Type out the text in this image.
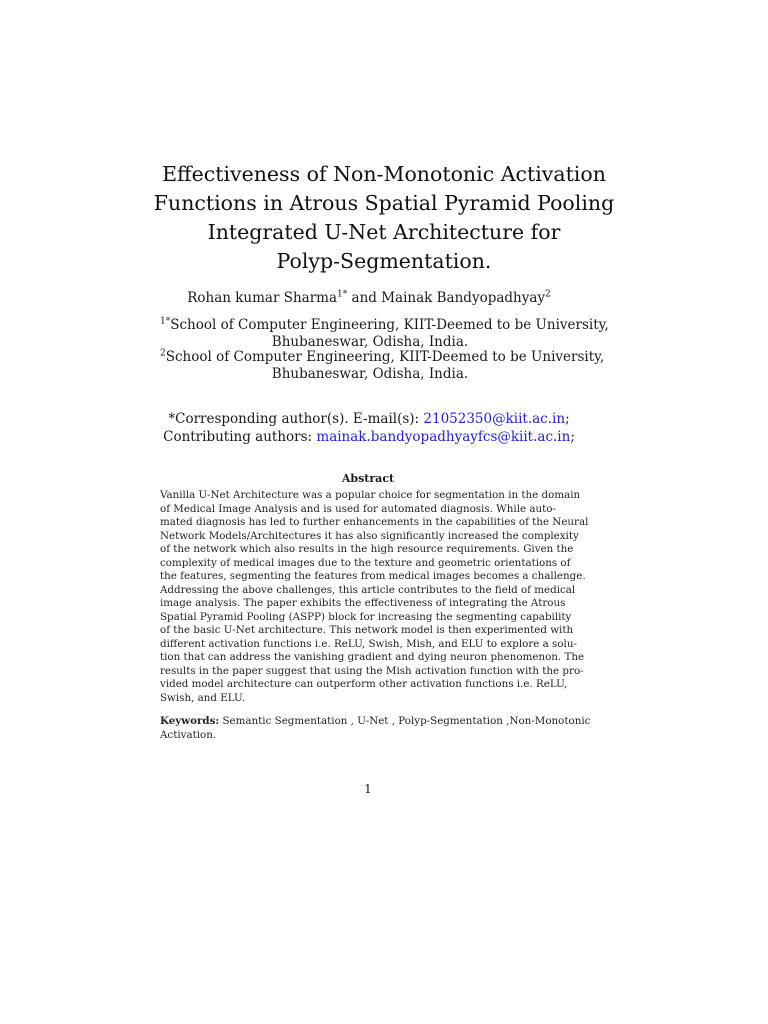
Effectiveness of Non-Monotonic Activation
Functions in Atrous Spatial Pyramid Pooling
Integrated U-Net Architecture for
Polyp-Segmentation.
Rohan kumar Sharma$^{1*}$ and Mainak Bandyopadhyay$^2$
$^{1*}$School of Computer Engineering, KIIT-Deemed to be University,
Bhubaneswar, Odisha, India.
$^2$School of Computer Engineering, KIIT-Deemed to be University,
Bhubaneswar, Odisha, India.
*Corresponding author(s). E-mail(s): 21052350@kiit.ac.in;
Contributing authors: mainak.bandyopadhyayfcs@kiit.ac.in;
Abstract
Vanilla U-Net Architecture was a popular choice for segmentation in the domain
of Medical Image Analysis and is used for automated diagnosis. While auto-
mated diagnosis has led to further enhancements in the capabilities of the Neural
Network Models/Architectures it has also significantly increased the complexity
of the network which also results in the high resource requirements. Given the
complexity of medical images due to the texture and geometric orientations of
the features, segmenting the features from medical images becomes a challenge.
Addressing the above challenges, this article contributes to the field of medical
image analysis. The paper exhibits the effectiveness of integrating the Atrous
Spatial Pyramid Pooling (ASPP) block for increasing the segmenting capability
of the basic U-Net architecture. This network model is then experimented with
different activation functions i.e. ReLU, Swish, Mish, and ELU to explore a solu-
tion that can address the vanishing gradient and dying neuron phenomenon. The
results in the paper suggest that using the Mish activation function with the pro-
vided model architecture can outperform other activation functions i.e. ReLU,
Swish, and ELU.
Keywords: Semantic Segmentation , U-Net , Polyp-Segmentation ,Non-Monotonic
Activation.
1
